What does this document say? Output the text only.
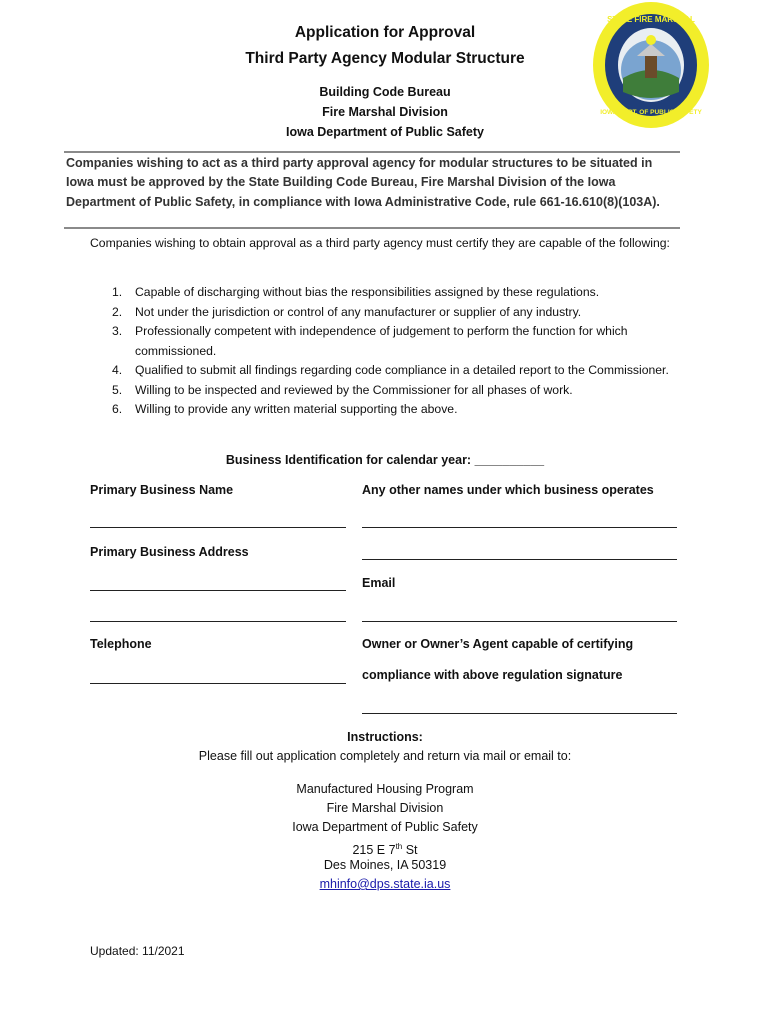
STATE FIRE MARSHAL
IOWA DEPT. OF PUBLIC SAFETY
Application for Approval
Third Party Agency Modular Structure
Building Code Bureau
Fire Marshal Division
Iowa Department of Public Safety
Companies wishing to act as a third party approval agency for modular structures to be situated in Iowa must be approved by the State Building Code Bureau, Fire Marshal Division of the Iowa Department of Public Safety, in compliance with Iowa Administrative Code, rule 661-16.610(8)(103A).
Companies wishing to obtain approval as a third party agency must certify they are capable of the following:
1. Capable of discharging without bias the responsibilities assigned by these regulations.
2. Not under the jurisdiction or control of any manufacturer or supplier of any industry.
3. Professionally competent with independence of judgement to perform the function for which commissioned.
4. Qualified to submit all findings regarding code compliance in a detailed report to the Commissioner.
5. Willing to be inspected and reviewed by the Commissioner for all phases of work.
6. Willing to provide any written material supporting the above.
Business Identification for calendar year: __________
Primary Business Name	Any other names under which business operates
Primary Business Address
Email
Telephone	Owner or Owner’s Agent capable of certifying
compliance with above regulation signature
Instructions:
Please fill out application completely and return via mail or email to:
Manufactured Housing Program
Fire Marshal Division
Iowa Department of Public Safety
215 E 7th St
Des Moines, IA 50319
mhinfo@dps.state.ia.us
Updated: 11/2021
